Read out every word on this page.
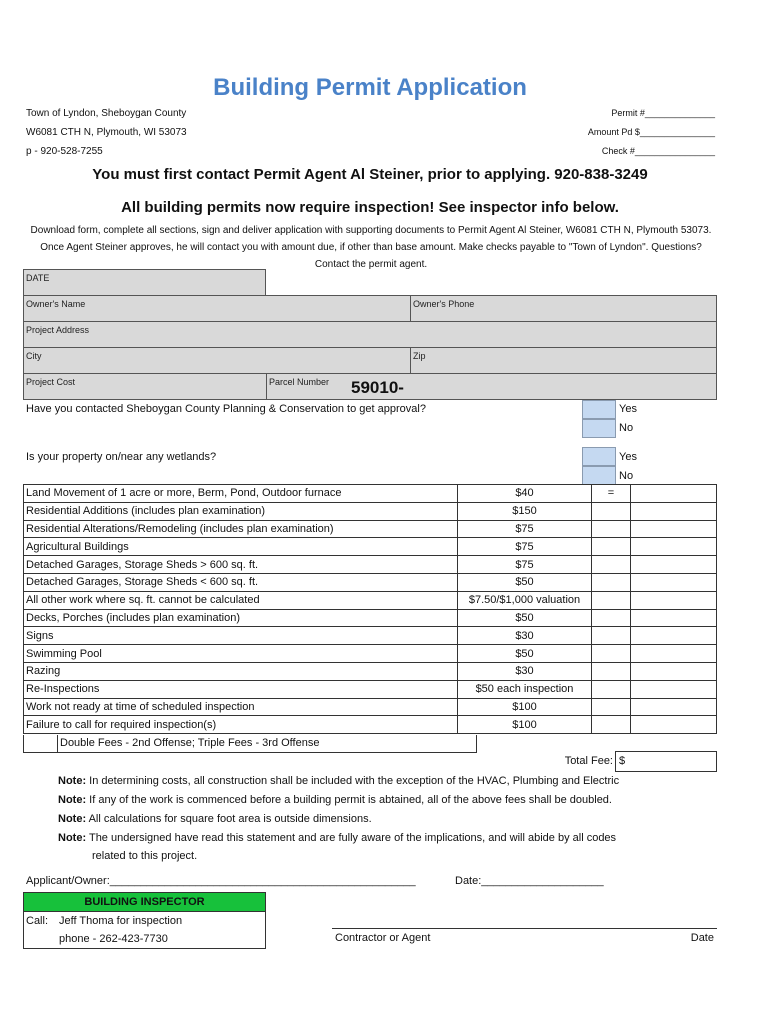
Building Permit Application
Town of Lyndon, Sheboygan County
W6081 CTH N, Plymouth, WI 53073
p - 920-528-7255
Permit #______________
Amount Pd $_______________
Check #________________
You must first contact Permit Agent Al Steiner, prior to applying. 920-838-3249
All building permits now require inspection! See inspector info below.
Download form, complete all sections, sign and deliver application with supporting documents to Permit Agent Al Steiner, W6081 CTH N, Plymouth 53073. Once Agent Steiner approves, he will contact you with amount due, if other than base amount. Make checks payable to "Town of Lyndon". Questions? Contact the permit agent.
DATE
Owner's Name	Owner's Phone
Project Address
City	Zip
Project Cost	Parcel Number	59010-
Have you contacted Sheboygan County Planning & Conservation to get approval?	Yes
No
Is your property on/near any wetlands?	Yes
No
Land Movement of 1 acre or more, Berm, Pond, Outdoor furnace	$40	=	
Residential Additions (includes plan examination)	$150		
Residential Alterations/Remodeling (includes plan examination)	$75		
Agricultural Buildings	$75		
Detached Garages, Storage Sheds > 600 sq. ft.	$75		
Detached Garages, Storage Sheds < 600 sq. ft.	$50		
All other work where sq. ft. cannot be calculated	$7.50/$1,000 valuation		
Decks, Porches (includes plan examination)	$50		
Signs	$30		
Swimming Pool	$50		
Razing	$30		
Re-Inspections	$50 each inspection		
Work not ready at time of scheduled inspection	$100		
Failure to call for required inspection(s)	$100		
Double Fees - 2nd Offense; Triple Fees - 3rd Offense
Total Fee: $
Note: In determining costs, all construction shall be included with the exception of the HVAC, Plumbing and Electric
Note: If any of the work is commenced before a building permit is abtained, all of the above fees shall be doubled.
Note: All calculations for square foot area is outside dimensions.
Note: The undersigned have read this statement and are fully aware of the implications, and will abide by all codes
related to this project.
Applicant/Owner:__________________________________________________	Date:____________________
BUILDING INSPECTOR
Call: Jeff Thoma for inspection
phone - 262-423-7730	Contractor or Agent	Date
